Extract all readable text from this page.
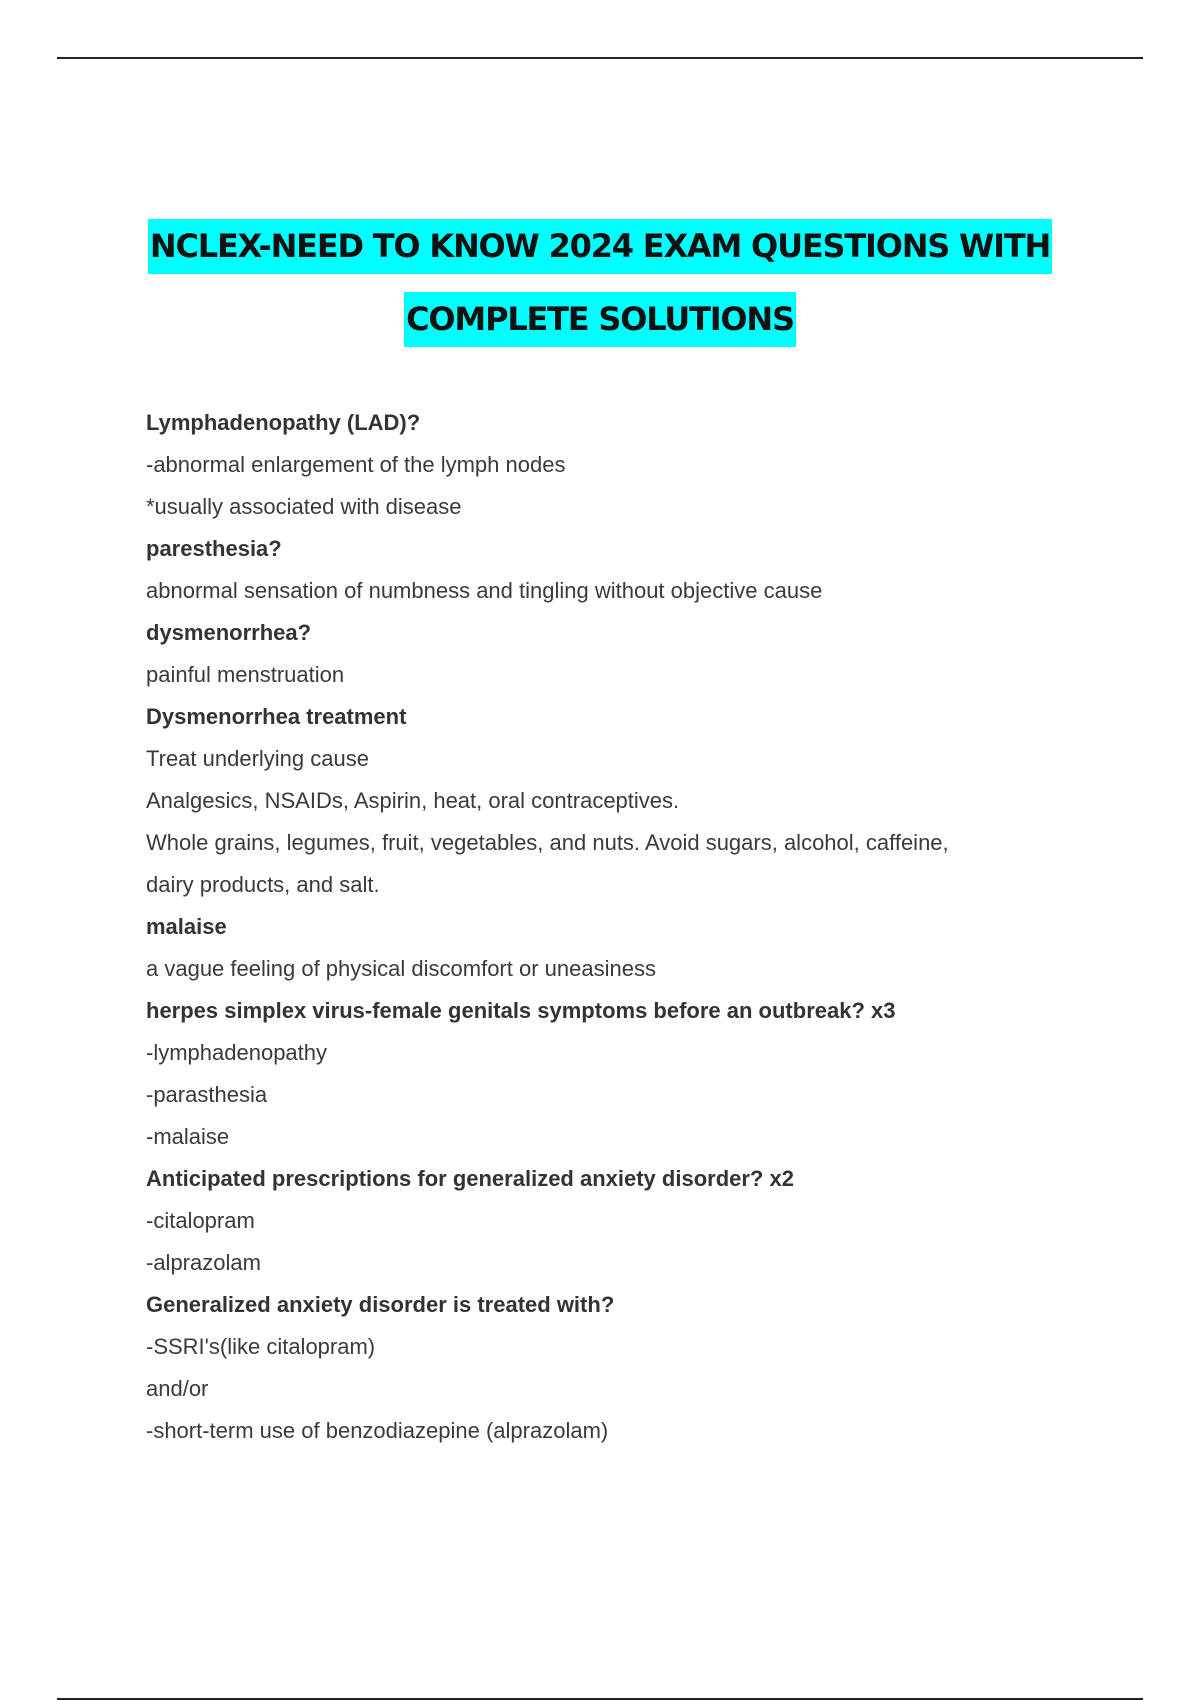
NCLEX-NEED TO KNOW 2024 EXAM QUESTIONS WITH
COMPLETE SOLUTIONS
Lymphadenopathy (LAD)?
-abnormal enlargement of the lymph nodes
*usually associated with disease
paresthesia?
abnormal sensation of numbness and tingling without objective cause
dysmenorrhea?
painful menstruation
Dysmenorrhea treatment
Treat underlying cause
Analgesics, NSAIDs, Aspirin, heat, oral contraceptives.
Whole grains, legumes, fruit, vegetables, and nuts. Avoid sugars, alcohol, caffeine,
dairy products, and salt.
malaise
a vague feeling of physical discomfort or uneasiness
herpes simplex virus-female genitals symptoms before an outbreak? x3
-lymphadenopathy
-parasthesia
-malaise
Anticipated prescriptions for generalized anxiety disorder? x2
-citalopram
-alprazolam
Generalized anxiety disorder is treated with?
-SSRI's(like citalopram)
and/or
-short-term use of benzodiazepine (alprazolam)
